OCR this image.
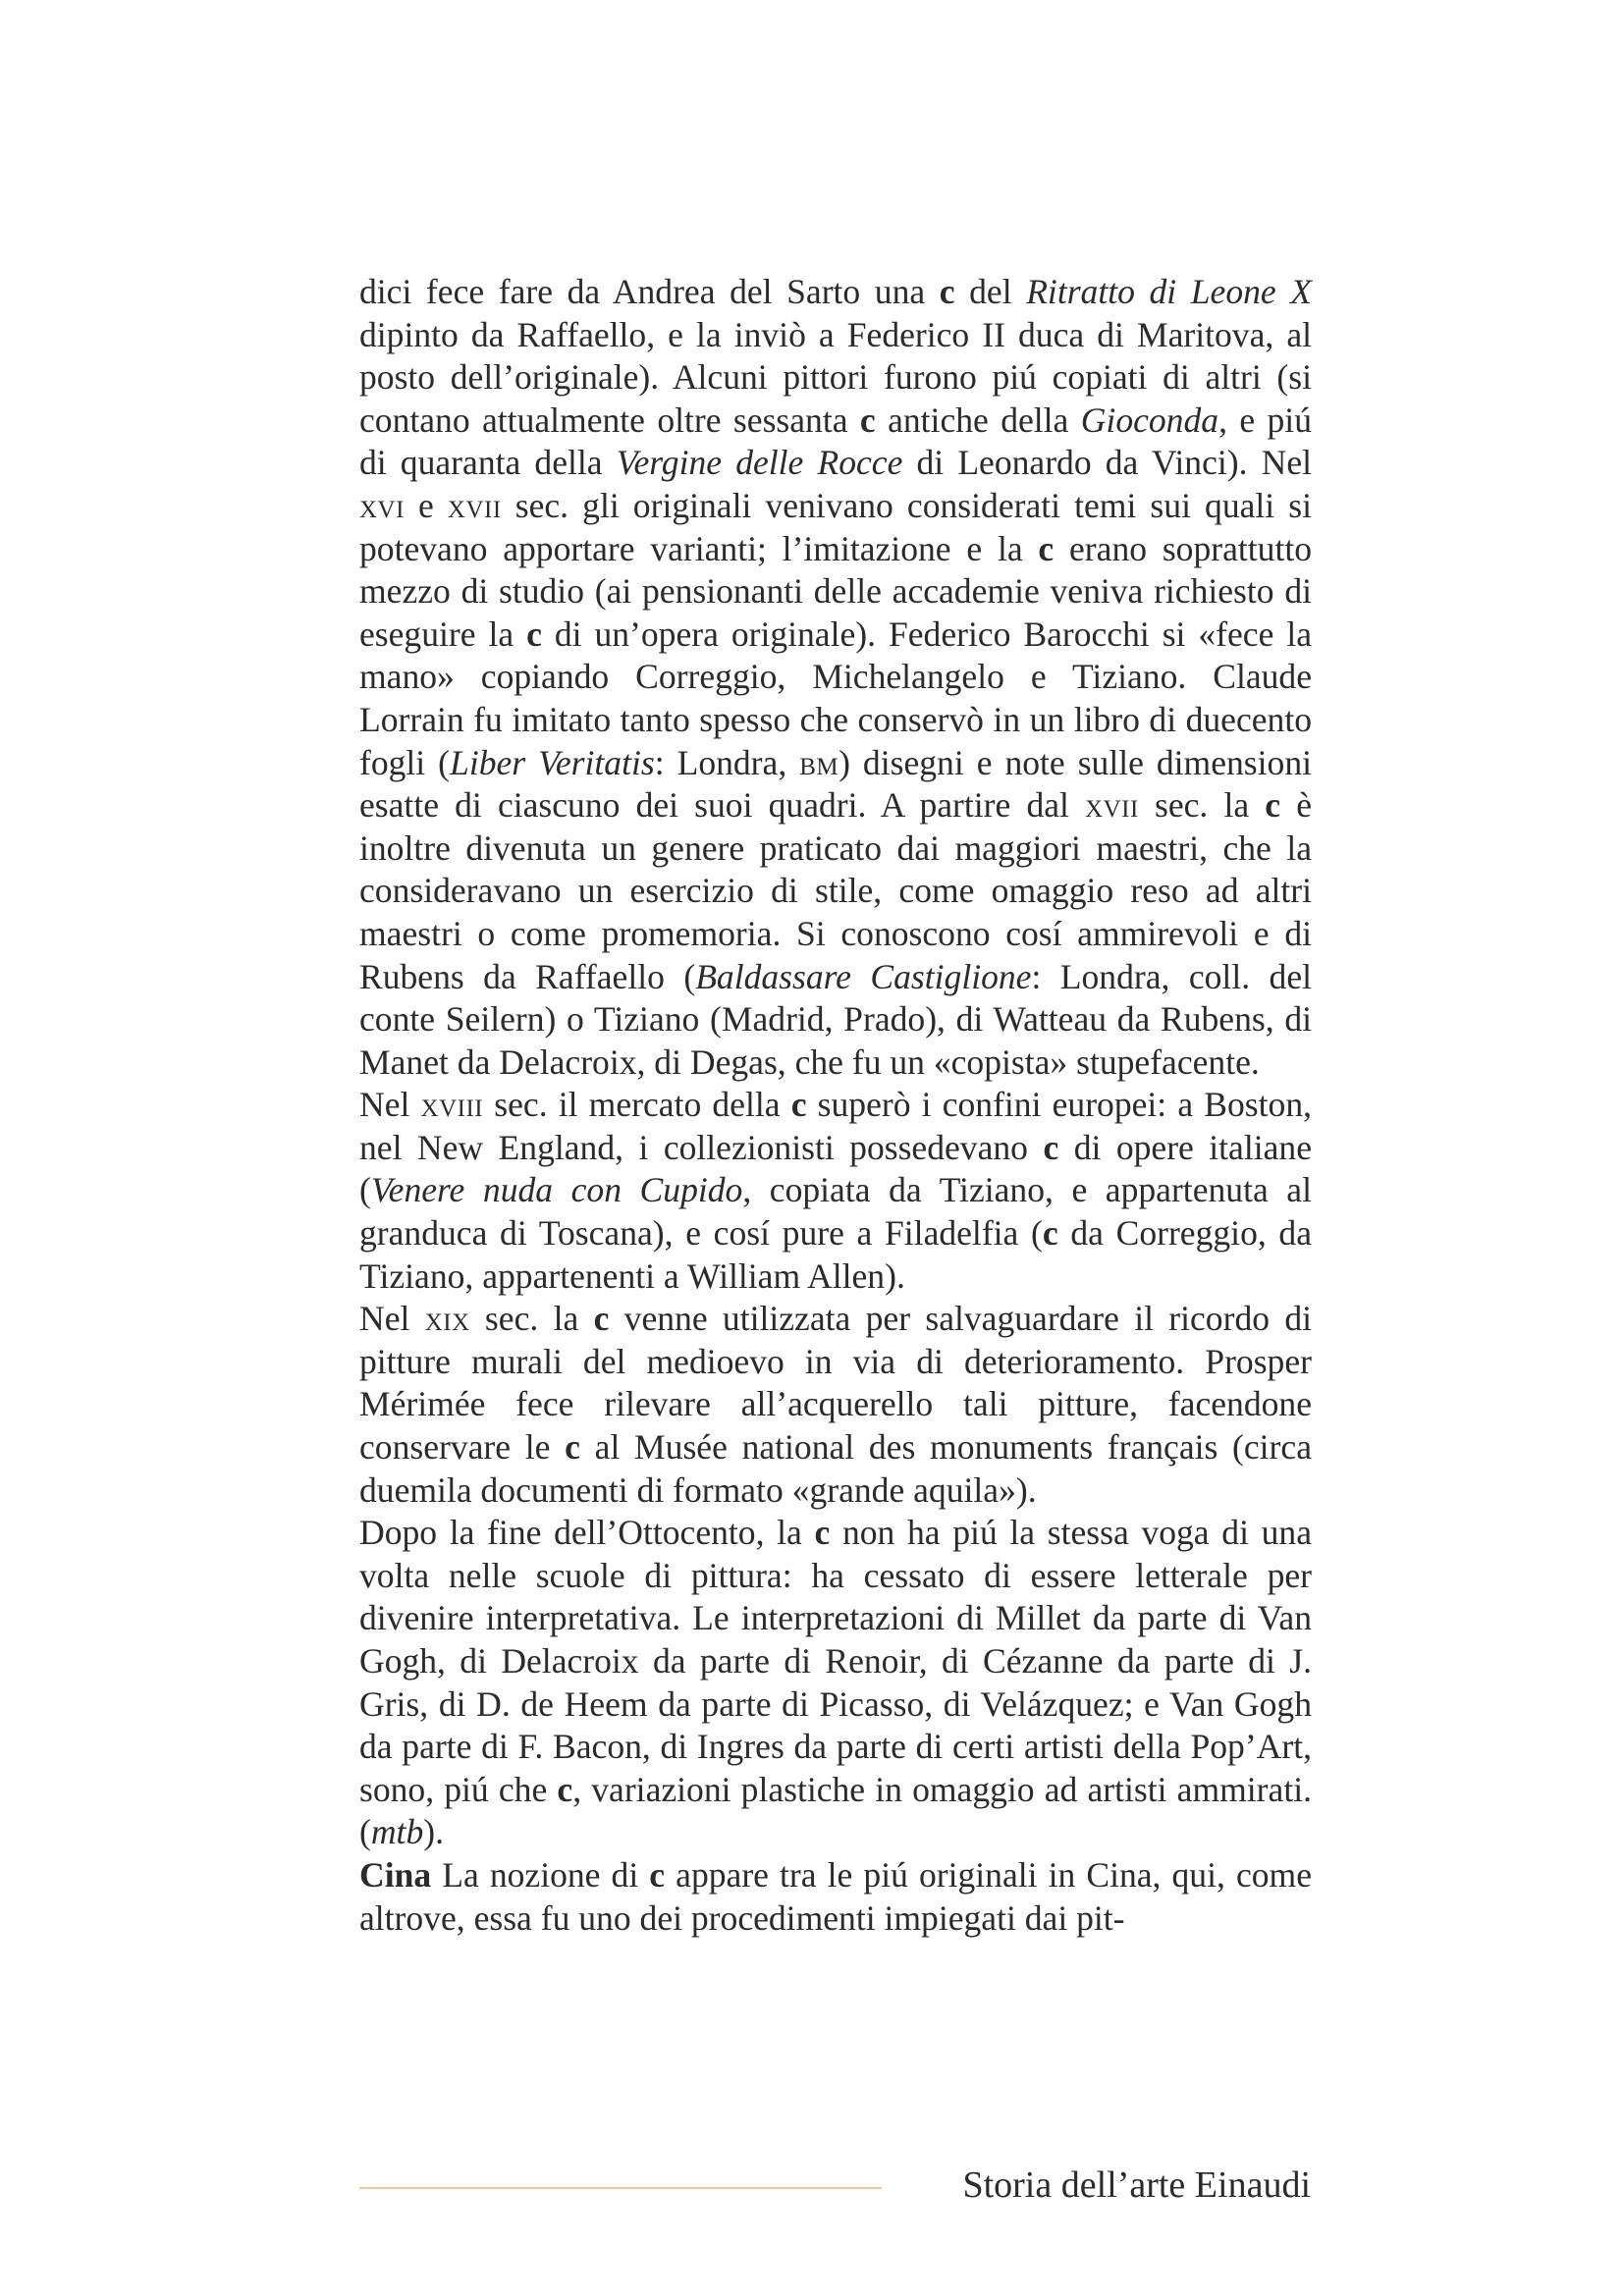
dici fece fare da Andrea del Sarto una c del Ritratto di Leone X dipinto da Raffaello, e la inviò a Federico II duca di Maritova, al posto dell’originale). Alcuni pittori furono piú copiati di altri (si contano attualmente oltre sessanta c antiche della Gioconda, e piú di quaranta della Vergine delle Rocce di Leonardo da Vinci). Nel xvi e xvii sec. gli originali venivano considerati temi sui quali si potevano apportare varianti; l’imitazione e la c erano soprattutto mezzo di studio (ai pensionanti delle accademie veniva richiesto di eseguire la c di un’opera originale). Federico Barocchi si «fece la mano» copiando Correggio, Michelangelo e Tiziano. Claude Lorrain fu imitato tanto spesso che conservò in un libro di duecento fogli (Liber Veritatis: Londra, bm) disegni e note sulle dimensioni esatte di ciascuno dei suoi quadri. A partire dal xvii sec. la c è inoltre divenuta un genere praticato dai maggiori maestri, che la consideravano un esercizio di stile, come omaggio reso ad altri maestri o come promemoria. Si conoscono cosí ammirevoli e di Rubens da Raffaello (Baldassare Castiglione: Londra, coll. del conte Seilern) o Tiziano (Madrid, Prado), di Watteau da Rubens, di Manet da Delacroix, di Degas, che fu un «copista» stupefacente.

Nel xviii sec. il mercato della c superò i confini europei: a Boston, nel New England, i collezionisti possedevano c di opere italiane (Venere nuda con Cupido, copiata da Tiziano, e appartenuta al granduca di Toscana), e cosí pure a Filadelfia (c da Correggio, da Tiziano, appartenenti a William Allen).

Nel xix sec. la c venne utilizzata per salvaguardare il ricordo di pitture murali del medioevo in via di deterioramento. Prosper Mérimée fece rilevare all’acquerello tali pitture, facendone conservare le c al Musée national des monuments français (circa duemila documenti di formato «grande aquila»).

Dopo la fine dell’Ottocento, la c non ha piú la stessa voga di una volta nelle scuole di pittura: ha cessato di essere letterale per divenire interpretativa. Le interpretazioni di Millet da parte di Van Gogh, di Delacroix da parte di Renoir, di Cézanne da parte di J. Gris, di D. de Heem da parte di Picasso, di Velázquez; e Van Gogh da parte di F. Bacon, di Ingres da parte di certi artisti della Pop’Art, sono, piú che c, variazioni plastiche in omaggio ad artisti ammirati. (mtb).

Cina La nozione di c appare tra le piú originali in Cina, qui, come altrove, essa fu uno dei procedimenti impiegati dai pit-

Storia dell’arte Einaudi
